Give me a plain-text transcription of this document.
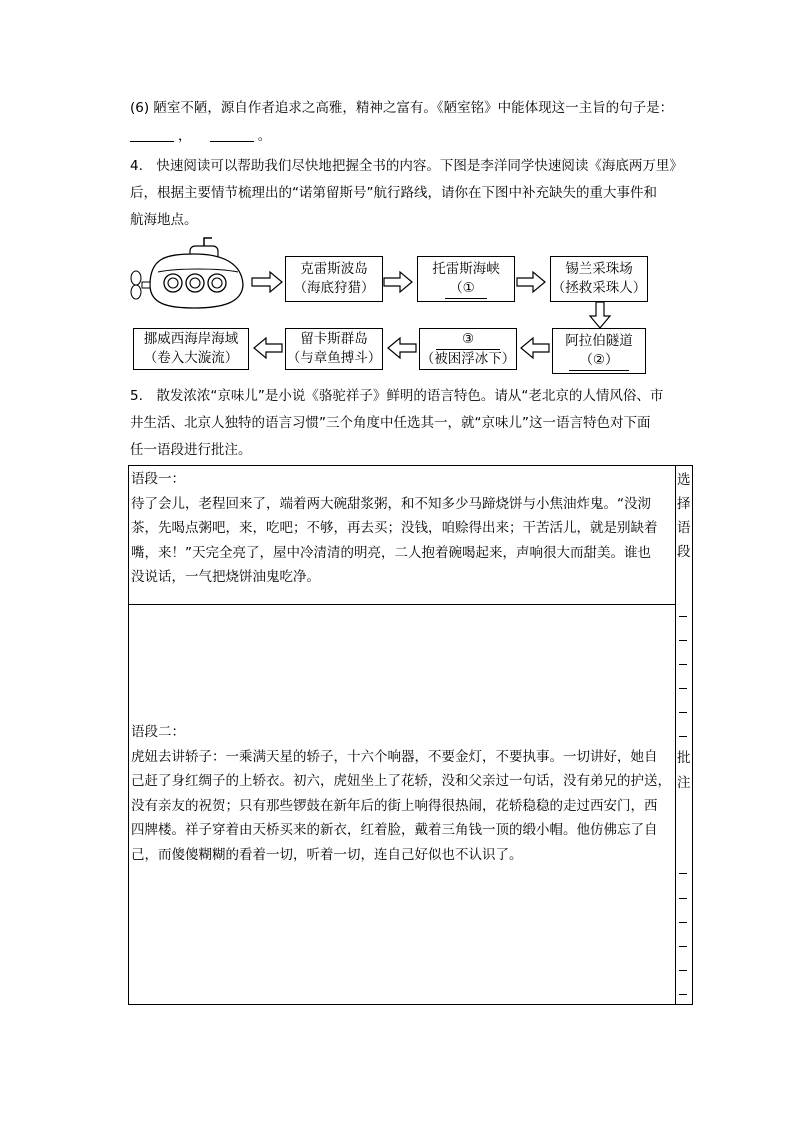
(6) 陋室不陋，源自作者追求之高雅，精神之富有。《陋室铭》中能体现这一主旨的句子是：
，	。
4.　快速阅读可以帮助我们尽快地把握全书的内容。下图是李洋同学快速阅读《海底两万里》
后，根据主要情节梳理出的“诺第留斯号”航行路线，请你在下图中补充缺失的重大事件和
航海地点。
克雷斯波岛
（海底狩猎）
托雷斯海峡
（①
锡兰采珠场
（拯救采珠人）
阿拉伯隧道
（②）
③
（被困浮冰下）
留卡斯群岛
（与章鱼搏斗）
挪威西海岸海域
（卷入大漩流）
5.　散发浓浓“京味儿”是小说《骆驼祥子》鲜明的语言特色。请从“老北京的人情风俗、市
井生活、北京人独特的语言习惯”三个角度中任选其一，就“京味儿”这一语言特色对下面
任一语段进行批注。
语段一：
待了会儿，老程回来了，端着两大碗甜浆粥，和不知多少马蹄烧饼与小焦油炸鬼。“没沏
茶，先喝点粥吧，来，吃吧；不够，再去买；没钱，咱赊得出来；干苦活儿，就是别缺着
嘴，来！”天完全亮了，屋中冷清清的明亮，二人抱着碗喝起来，声响很大而甜美。谁也
没说话，一气把烧饼油鬼吃净。
语段二：
虎妞去讲轿子：一乘满天星的轿子，十六个响器，不要金灯，不要执事。一切讲好，她自
己赶了身红绸子的上轿衣。初六，虎妞坐上了花轿，没和父亲过一句话，没有弟兄的护送，
没有亲友的祝贺；只有那些锣鼓在新年后的街上响得很热闹，花轿稳稳的走过西安门，西
四牌楼。祥子穿着由天桥买来的新衣，红着脸，戴着三角钱一顶的缎小帽。他仿佛忘了自
己，而傻傻糊糊的看着一切，听着一切，连自己好似也不认识了。
选
择
语
段
批
注
